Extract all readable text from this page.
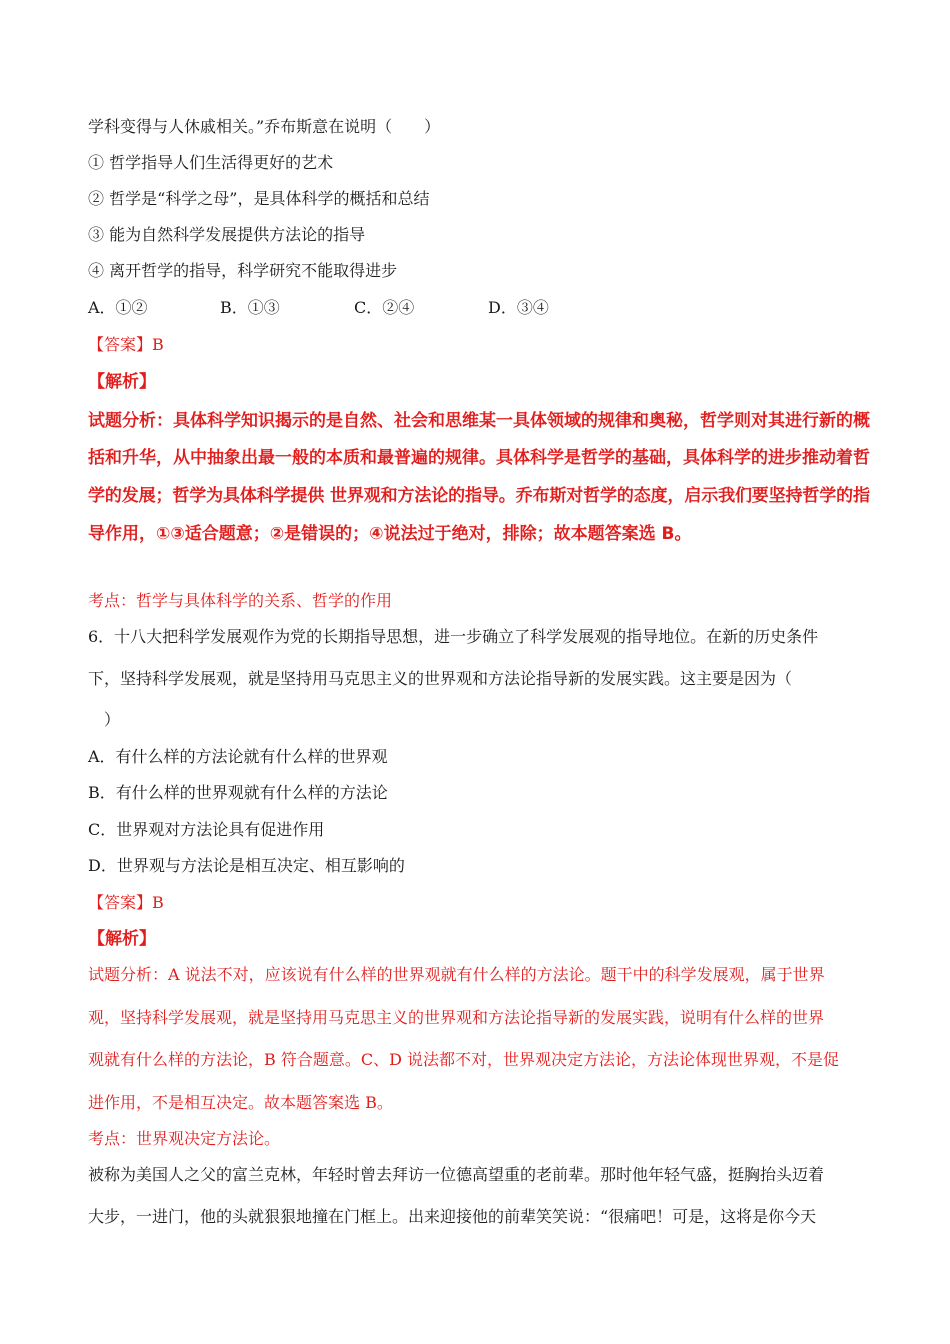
学科变得与人休戚相关。”乔布斯意在说明（　　）
① 哲学指导人们生活得更好的艺术
② 哲学是“科学之母”，是具体科学的概括和总结
③ 能为自然科学发展提供方法论的指导
④ 离开哲学的指导，科学研究不能取得进步
A．①②	B．①③	C．②④	D．③④
【答案】B
【解析】
试题分析：具体科学知识揭示的是自然、社会和思维某一具体领域的规律和奥秘，哲学则对其进行新的概
括和升华，从中抽象出最一般的本质和最普遍的规律。具体科学是哲学的基础，具体科学的进步推动着哲
学的发展；哲学为具体科学提供 世界观和方法论的指导。乔布斯对哲学的态度，启示我们要坚持哲学的指
导作用，①③适合题意；②是错误的；④说法过于绝对，排除；故本题答案选 B。
考点：哲学与具体科学的关系、哲学的作用
6．十八大把科学发展观作为党的长期指导思想，进一步确立了科学发展观的指导地位。在新的历史条件
下，坚持科学发展观，就是坚持用马克思主义的世界观和方法论指导新的发展实践。这主要是因为（
　）
A．有什么样的方法论就有什么样的世界观
B．有什么样的世界观就有什么样的方法论
C．世界观对方法论具有促进作用
D．世界观与方法论是相互决定、相互影响的
【答案】B
【解析】
试题分析：A 说法不对，应该说有什么样的世界观就有什么样的方法论。题干中的科学发展观，属于世界
观，坚持科学发展观，就是坚持用马克思主义的世界观和方法论指导新的发展实践，说明有什么样的世界
观就有什么样的方法论，B 符合题意。C、D 说法都不对，世界观决定方法论，方法论体现世界观，不是促
进作用，不是相互决定。故本题答案选 B。
考点：世界观决定方法论。
被称为美国人之父的富兰克林，年轻时曾去拜访一位德高望重的老前辈。那时他年轻气盛，挺胸抬头迈着
大步，一进门，他的头就狠狠地撞在门框上。出来迎接他的前辈笑笑说：“很痛吧！可是，这将是你今天
